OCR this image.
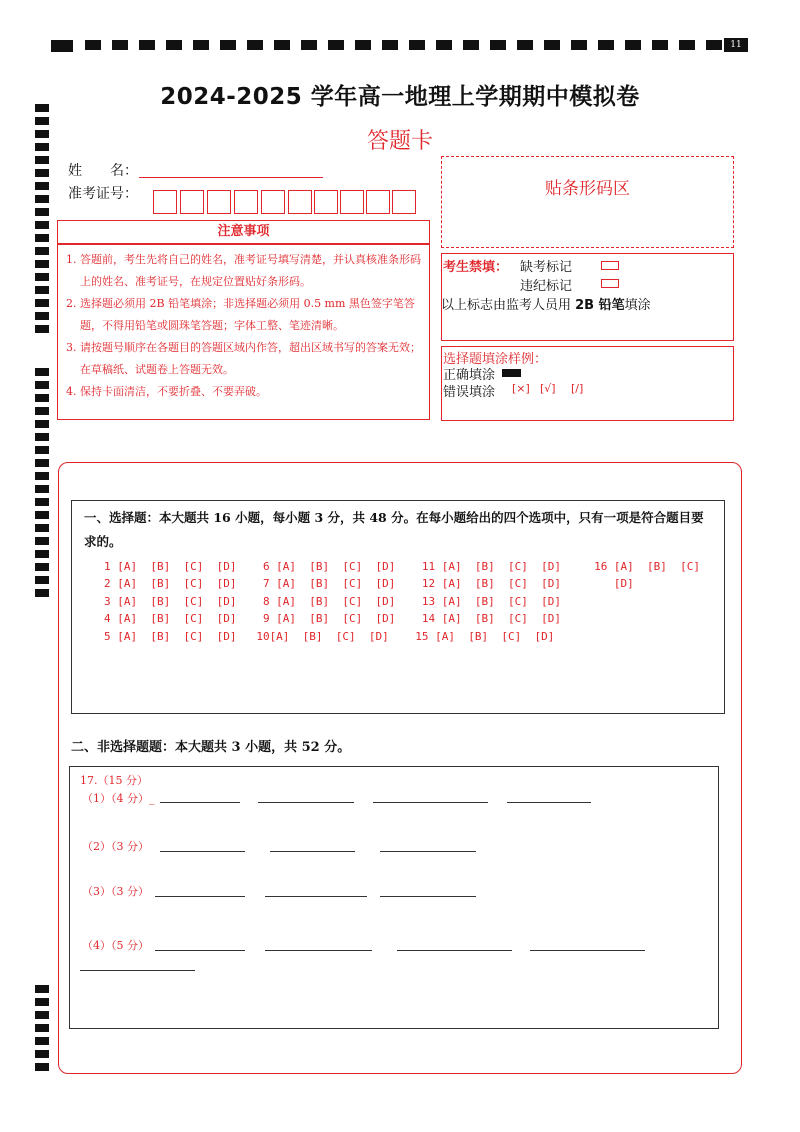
11
2024-2025 学年高一地理上学期期中模拟卷
答题卡
姓　　名：
准考证号：	贴条形码区
注意事项
1. 答题前，考生先将自己的姓名，准考证号填写清楚，并认真核准条形码上的姓名、准考证号，在规定位置贴好条形码。
2. 选择题必须用 2B 铅笔填涂；非选择题必须用 0.5 mm 黑色签字笔答题，不得用铅笔或圆珠笔答题；字体工整、笔迹清晰。
3. 请按题号顺序在各题目的答题区域内作答，超出区域书写的答案无效；在草稿纸、试题卷上答题无效。
4. 保持卡面清洁，不要折叠、不要弄破。
考生禁填： 缺考标记
违纪标记
以上标志由监考人员用 2B 铅笔填涂
选择题填涂样例：
正确填涂
错误填涂 [×] [√] [/]
一、选择题：本大题共 16 小题，每小题 3 分，共 48 分。在每小题给出的四个选项中，只有一项是符合题目要求的。
1 [A]  [B]  [C]  [D]    6 [A]  [B]  [C]  [D]    11 [A]  [B]  [C]  [D]     16 [A]  [B]  [C]
2 [A]  [B]  [C]  [D]    7 [A]  [B]  [C]  [D]    12 [A]  [B]  [C]  [D]        [D]
3 [A]  [B]  [C]  [D]    8 [A]  [B]  [C]  [D]    13 [A]  [B]  [C]  [D]
4 [A]  [B]  [C]  [D]    9 [A]  [B]  [C]  [D]    14 [A]  [B]  [C]  [D]
5 [A]  [B]  [C]  [D]   10[A]  [B]  [C]  [D]    15 [A]  [B]  [C]  [D]
二、非选择题题：本大题共 3 小题，共 52 分。
17.（15 分）
（1）（4 分）_
（2）（3 分）
（3）（3 分）
（4）（5 分）
